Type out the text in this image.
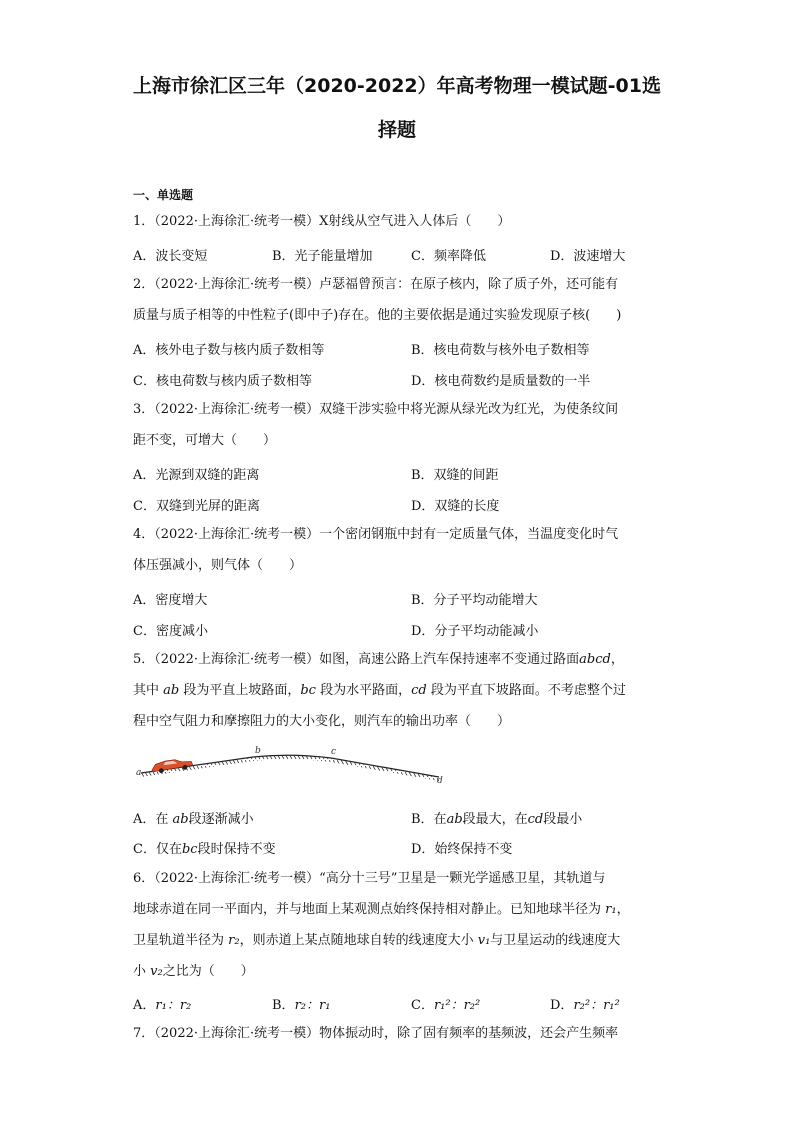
上海市徐汇区三年（2020-2022）年高考物理一模试题-01选
择题
一、单选题
1．（2022·上海徐汇·统考一模）X射线从空气进入人体后（　　）
A．波长变短	B．光子能量增加	C．频率降低	D．波速增大
2．（2022·上海徐汇·统考一模）卢瑟福曾预言：在原子核内，除了质子外，还可能有
质量与质子相等的中性粒子(即中子)存在。他的主要依据是通过实验发现原子核(　　)
A．核外电子数与核内质子数相等	B．核电荷数与核外电子数相等
C．核电荷数与核内质子数相等	D．核电荷数约是质量数的一半
3．（2022·上海徐汇·统考一模）双缝干涉实验中将光源从绿光改为红光，为使条纹间
距不变，可增大（　　）
A．光源到双缝的距离	B．双缝的间距
C．双缝到光屏的距离	D．双缝的长度
4．（2022·上海徐汇·统考一模）一个密闭钢瓶中封有一定质量气体，当温度变化时气
体压强减小，则气体（　　）
A．密度增大	B．分子平均动能增大
C．密度减小	D．分子平均动能减小
5．（2022·上海徐汇·统考一模）如图，高速公路上汽车保持速率不变通过路面abcd，
其中 ab 段为平直上坡路面，bc 段为水平路面，cd 段为平直下坡路面。不考虑整个过
程中空气阻力和摩擦阻力的大小变化，则汽车的输出功率（　　）
a
b	c
d
A．在 ab段逐渐减小	B．在ab段最大，在cd段最小
C．仅在bc段时保持不变	D．始终保持不变
6．（2022·上海徐汇·统考一模）“高分十三号”卫星是一颗光学遥感卫星，其轨道与
地球赤道在同一平面内，并与地面上某观测点始终保持相对静止。已知地球半径为 r₁，
卫星轨道半径为 r₂，则赤道上某点随地球自转的线速度大小 v₁与卫星运动的线速度大
小 v₂之比为（　　）
A．r₁：r₂	B．r₂：r₁	C．r₁²：r₂²	D．r₂²：r₁²
7．（2022·上海徐汇·统考一模）物体振动时，除了固有频率的基频波，还会产生频率
